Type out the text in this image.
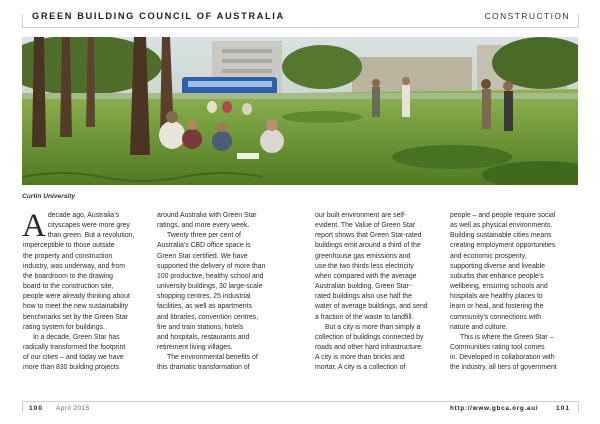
GREEN BUILDING COUNCIL OF AUSTRALIA	CONSTRUCTION
Curtin University
A decade ago, Australia’s
cityscapes were more grey
than green. But a revolution,
imperceptible to those outside
the property and construction
industry, was underway, and from
the boardroom to the drawing
board to the construction site,
people were already thinking about
how to meet the new sustainability
benchmarks set by the Green Star
rating system for buildings.
In a decade, Green Star has
radically transformed the footprint
of our cities – and today we have
more than 830 building projects
around Australia with Green Star
ratings, and more every week.
Twenty three per cent of
Australia’s CBD office space is
Green Star certified. We have
supported the delivery of more than
100 productive, healthy school and
university buildings, 30 large-scale
shopping centres, 25 industrial
facilities, as well as apartments
and libraries, convention centres,
fire and train stations, hotels
and hospitals, restaurants and
retirement living villages.
The environmental benefits of
this dramatic transformation of
our built environment are self-
evident. The Value of Green Star
report shows that Green Star-rated
buildings emit around a third of the
greenhouse gas emissions and
use the two thirds less electricity
when compared with the average
Australian building. Green Star-
rated buildings also use half the
water of average buildings, and send
a fraction of the waste to landfill.
But a city is more than simply a
collection of buildings connected by
roads and other hard infrastructure.
A city is more than bricks and
mortar. A city is a collection of
people – and people require social
as well as physical environments.
Building sustainable cities means
creating employment opportunities
and economic prosperity,
supporting diverse and liveable
suburbs that enhance people’s
wellbeing, ensuring schools and
hospitals are healthy places to
learn or heal, and fostering the
community’s connections with
nature and culture.
This is where the Green Star –
Communities rating tool comes
in. Developed in collaboration with
the industry, all tiers of government
100 April 2015	http://www.gbca.org.au/	101
